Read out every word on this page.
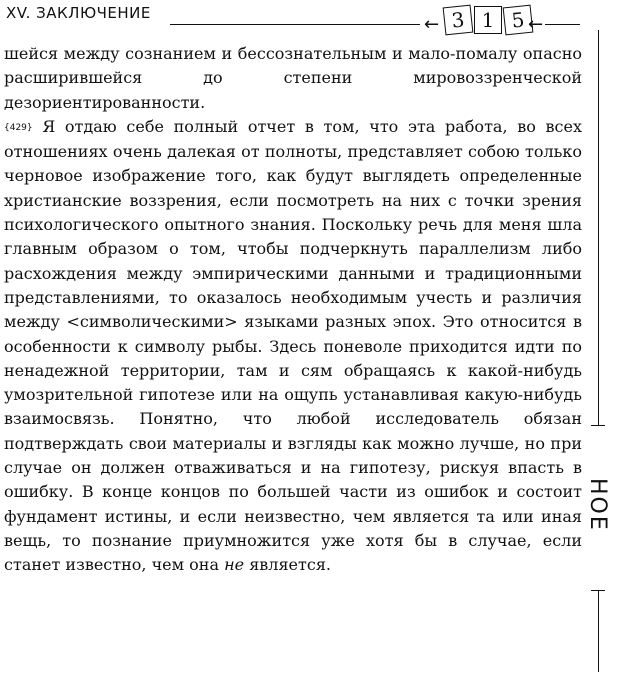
XV. ЗАКЛЮЧЕНИЕ
← 3 1 5 ←
НОЕ

шейся между сознанием и бессознательным и мало-помалу опасно расширившейся до степени мировоззренческой дезориентированности.

{429} Я отдаю себе полный отчет в том, что эта работа, во всех отношениях очень далекая от полноты, представляет собою только черновое изображение того, как будут выглядеть определенные христианские воззрения, если посмотреть на них с точки зрения психологического опытного знания. Поскольку речь для меня шла главным образом о том, чтобы подчеркнуть параллелизм либо расхождения между эмпирическими данными и традиционными представлениями, то оказалось необходимым учесть и различия между <символическими> языками разных эпох. Это относится в особенности к символу рыбы. Здесь поневоле приходится идти по ненадежной территории, там и сям обращаясь к какой-нибудь умозрительной гипотезе или на ощупь устанавливая какую-нибудь взаимосвязь. Понятно, что любой исследователь обязан подтверждать свои материалы и взгляды как можно лучше, но при случае он должен отваживаться и на гипотезу, рискуя впасть в ошибку. В конце концов по большей части из ошибок и состоит фундамент истины, и если неизвестно, чем является та или иная вещь, то познание приумножится уже хотя бы в случае, если станет известно, чем она не является.
